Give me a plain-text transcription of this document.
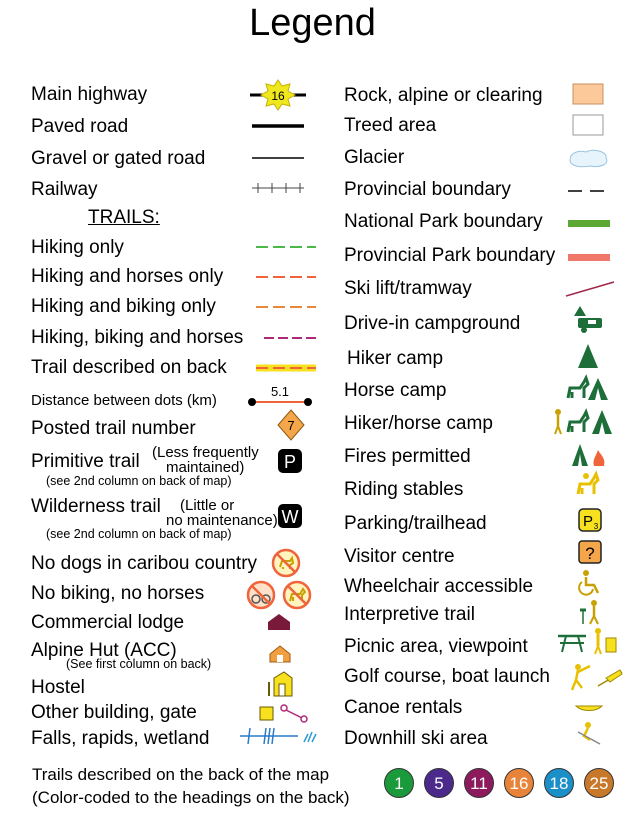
Legend
Main highway	16
Paved road
Gravel or gated road
Railway
TRAILS:
Hiking only
Hiking and horses only
Hiking and biking only
Hiking, biking and horses
Trail described on back
Distance between dots (km)
5.1
Posted trail number	7
Primitive trail (Less frequently
maintained)
(see 2nd column on back of map)
P
Wilderness trail (Little or
no maintenance)
(see 2nd column on back of map)
W
No dogs in caribou country
No biking, no horses
Commercial lodge
Alpine Hut (ACC)
(See first column on back)
Hostel
Other building, gate
Falls, rapids, wetland
Rock, alpine or clearing
Treed area
Glacier
Provincial boundary
National Park boundary
Provincial Park boundary
Ski lift/tramway
Drive-in campground
Hiker camp
Horse camp
Hiker/horse camp
Fires permitted
Riding stables
Parking/trailhead	P 3
Visitor centre	?
Wheelchair accessible
Interpretive trail
Picnic area, viewpoint
Golf course, boat launch
Canoe rentals
Downhill ski area
Trails described on the back of the map
(Color-coded to the headings on the back)
1	5	11	16	18	25
